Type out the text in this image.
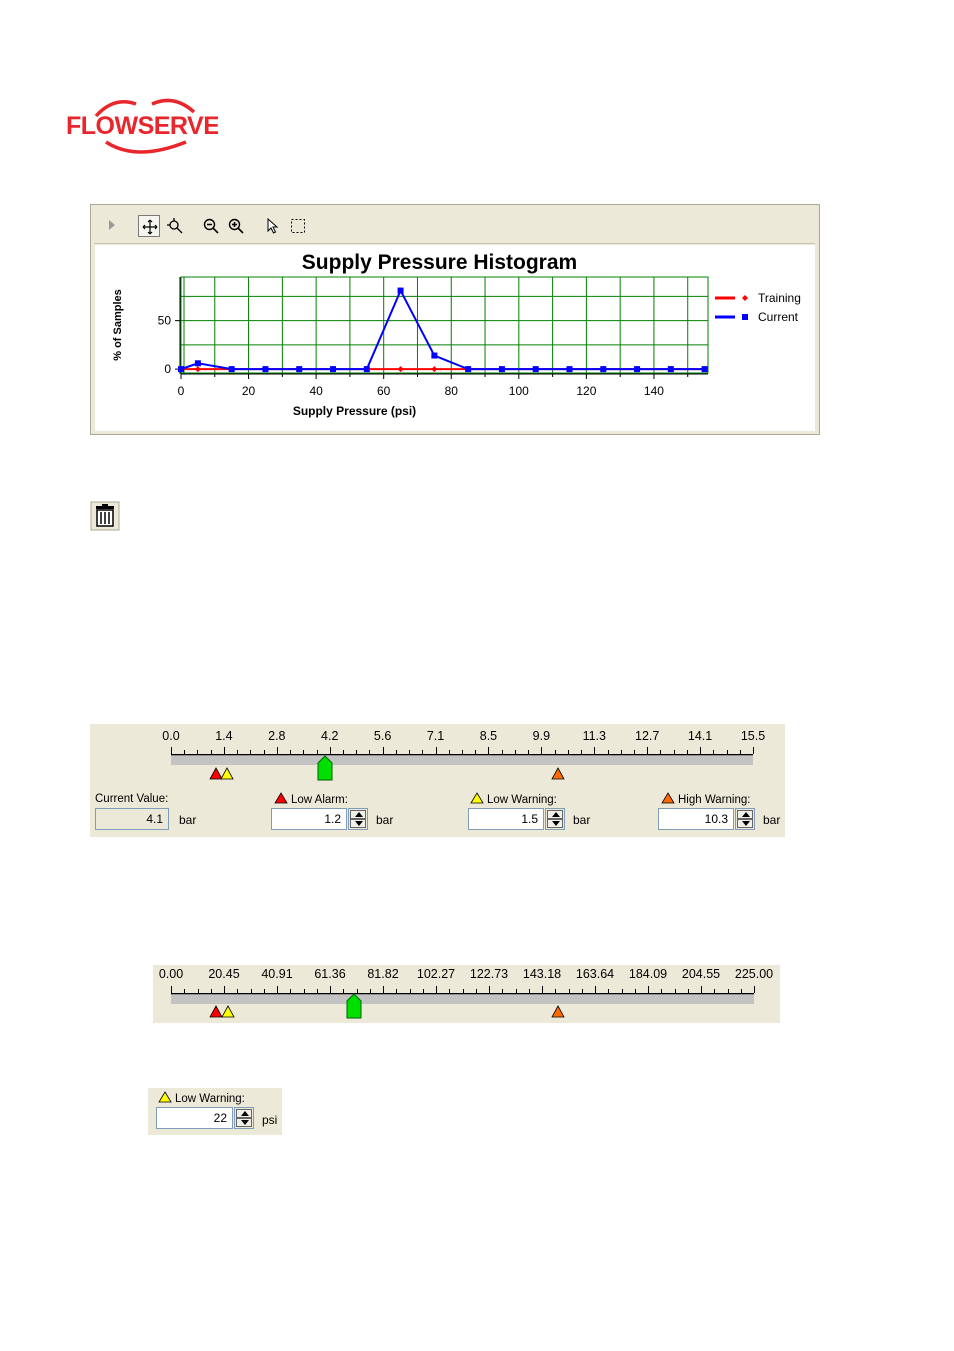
FLOWSERVE
0	20	40	60	80	100	120	140
0
50
Supply Pressure Histogram
Supply Pressure (psi)
% of Samples	Training
Current
0.0	1.4	2.8	4.2	5.6	7.1	8.5	9.9	11.3 12.7 14.1 15.5
Current Value:
4.1	bar
Low Alarm:
1.2	bar
Low Warning:
1.5	bar
High Warning:
10.3	bar
0.00 20.45 40.91 61.36 81.82 102.27 122.73 143.18 163.64 184.09 204.55 225.00
Low Warning:
22	psi
